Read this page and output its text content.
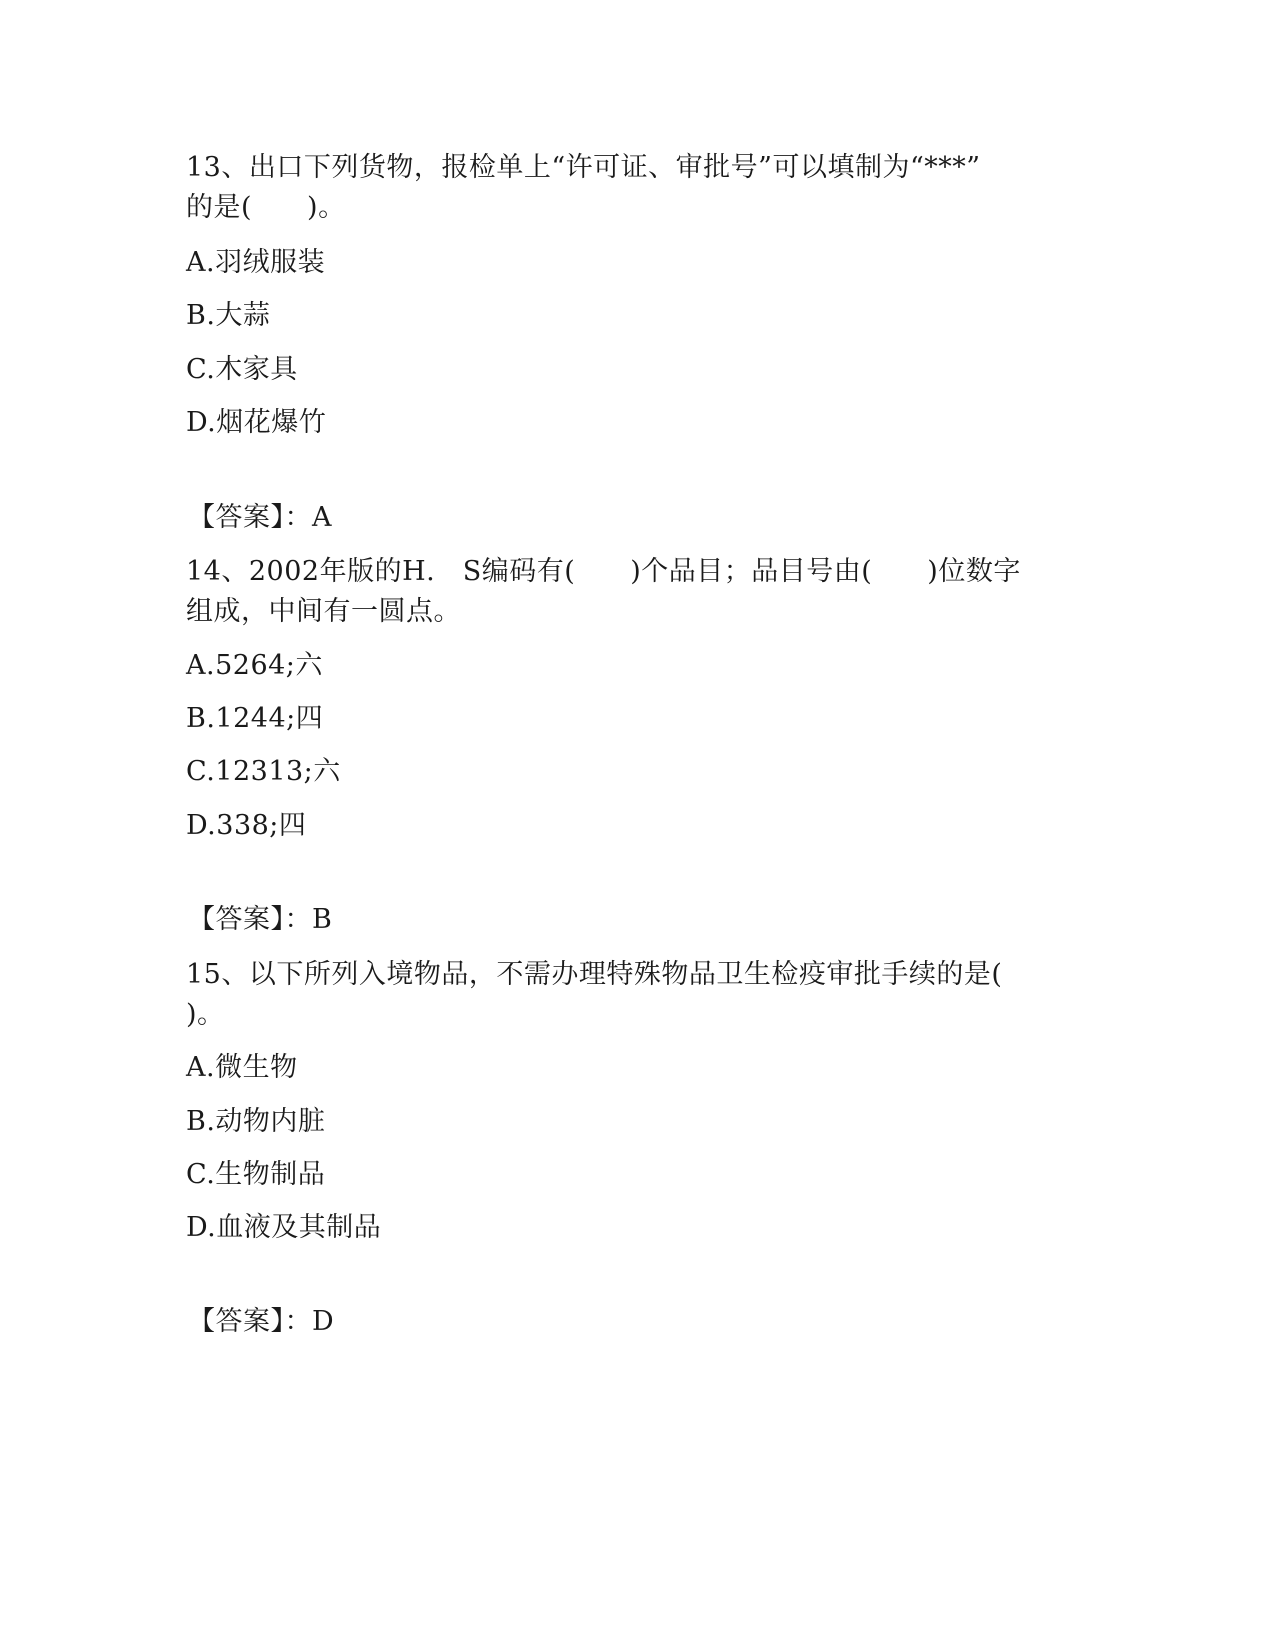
13、出口下列货物，报检单上“许可证、审批号”可以填制为“***”
的是(　　)。
A.羽绒服装
B.大蒜
C.木家具
D.烟花爆竹
【答案】：A
14、2002年版的H.　S编码有(　　)个品目；品目号由(　　)位数字
组成，中间有一圆点。
A.5264;六
B.1244;四
C.12313;六
D.338;四
【答案】：B
15、以下所列入境物品，不需办理特殊物品卫生检疫审批手续的是(
)。
A.微生物
B.动物内脏
C.生物制品
D.血液及其制品
【答案】：D
